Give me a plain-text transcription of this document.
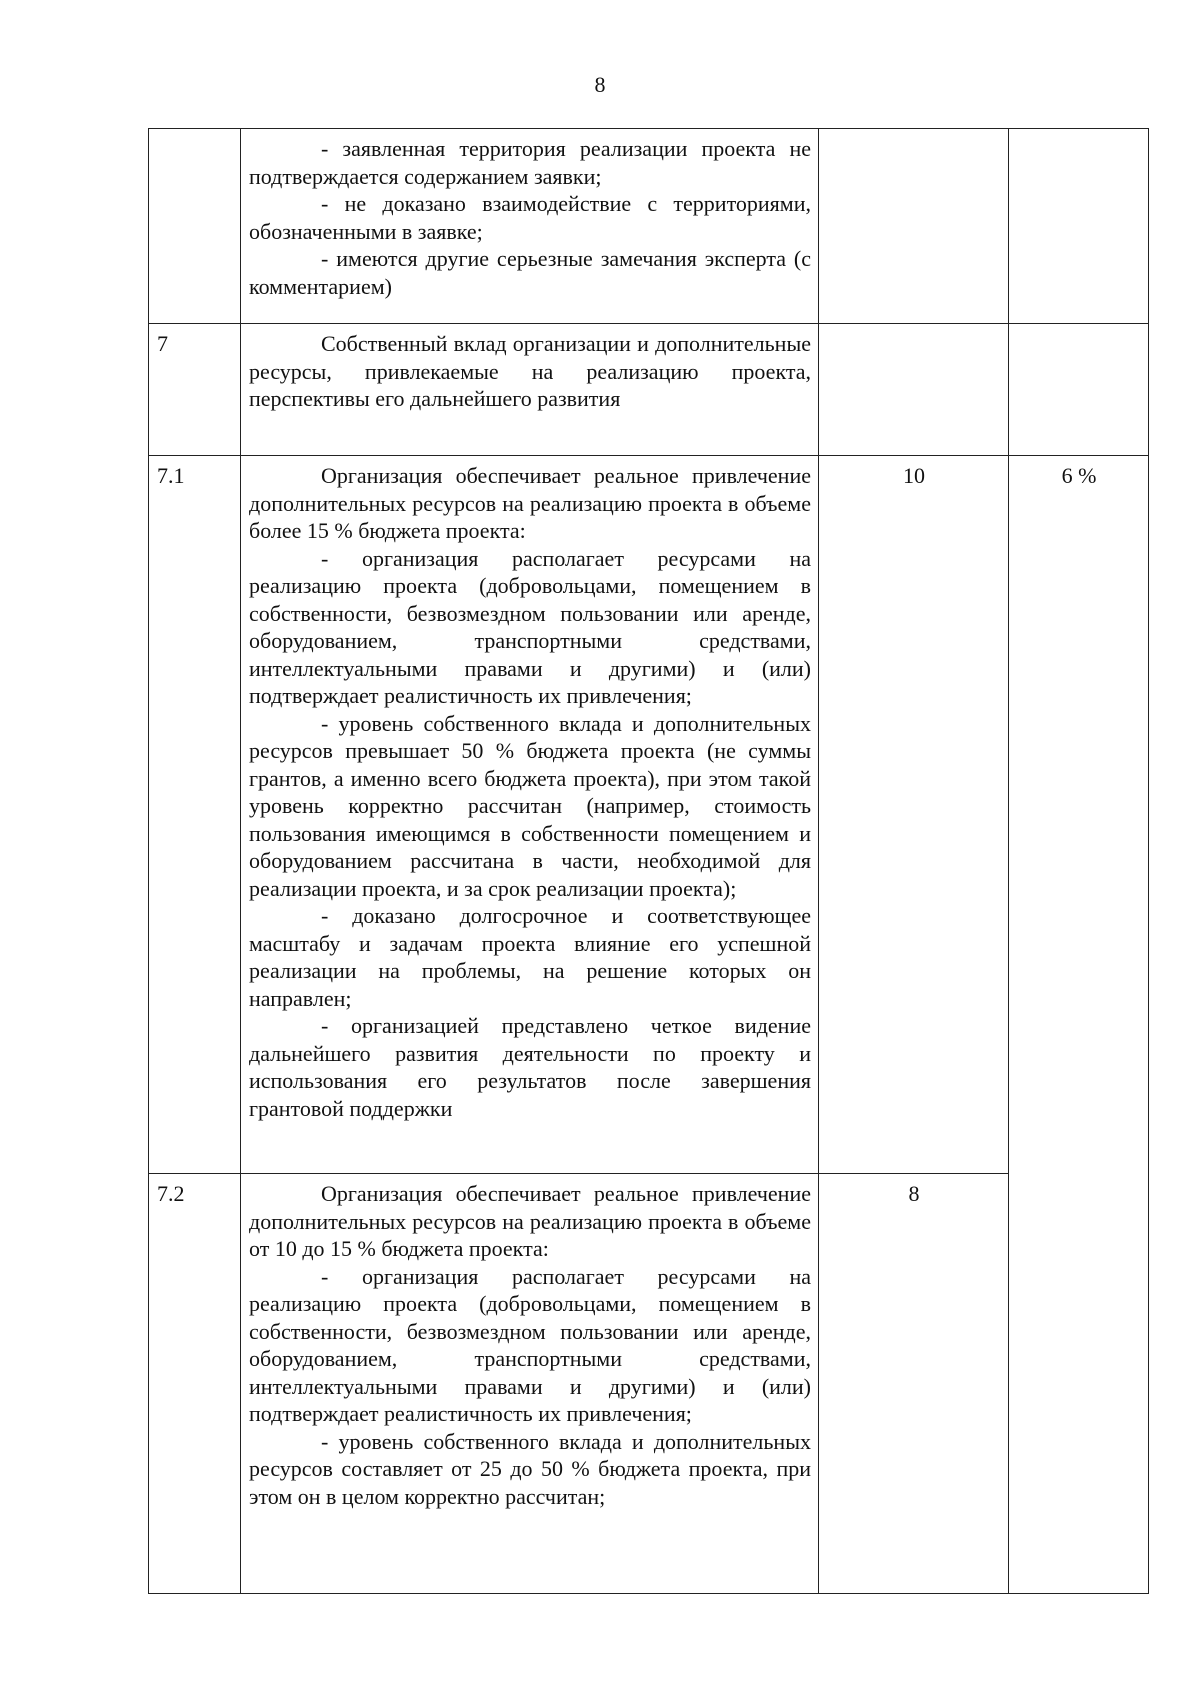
8

	- заявленная территория реализации проекта не подтверждается содержанием заявки;

- не доказано взаимодействие с территориями, обозначенными в заявке;

- имеются другие серьезные замечания эксперта (с комментарием)		

7	Собственный вклад организации и дополнительные ресурсы, привлекаемые на реализацию проекта, перспективы его дальнейшего развития		

7.1	Организация обеспечивает реальное привлечение дополнительных ресурсов на реализацию проекта в объеме более 15 % бюджета проекта:

- организация располагает ресурсами на реализацию проекта (добровольцами, помещением в собственности, безвозмездном пользовании или аренде, оборудованием, транспортными средствами, интеллектуальными правами и другими) и (или) подтверждает реалистичность их привлечения;

- уровень собственного вклада и дополнительных ресурсов превышает 50 % бюджета проекта (не суммы грантов, а именно всего бюджета проекта), при этом такой уровень корректно рассчитан (например, стоимость пользования имеющимся в собственности помещением и оборудованием рассчитана в части, необходимой для реализации проекта, и за срок реализации проекта);

- доказано долгосрочное и соответствующее масштабу и задачам проекта влияние его успешной реализации на проблемы, на решение которых он направлен;

- организацией представлено четкое видение дальнейшего развития деятельности по проекту и использования его результатов после завершения грантовой поддержки	10	6 %
7.2	Организация обеспечивает реальное привлечение дополнительных ресурсов на реализацию проекта в объеме от 10 до 15 % бюджета проекта:

- организация располагает ресурсами на реализацию проекта (добровольцами, помещением в собственности, безвозмездном пользовании или аренде, оборудованием, транспортными средствами, интеллектуальными правами и другими) и (или) подтверждает реалистичность их привлечения;

- уровень собственного вклада и дополнительных ресурсов составляет от 25 до 50 % бюджета проекта, при этом он в целом корректно рассчитан;	8	
